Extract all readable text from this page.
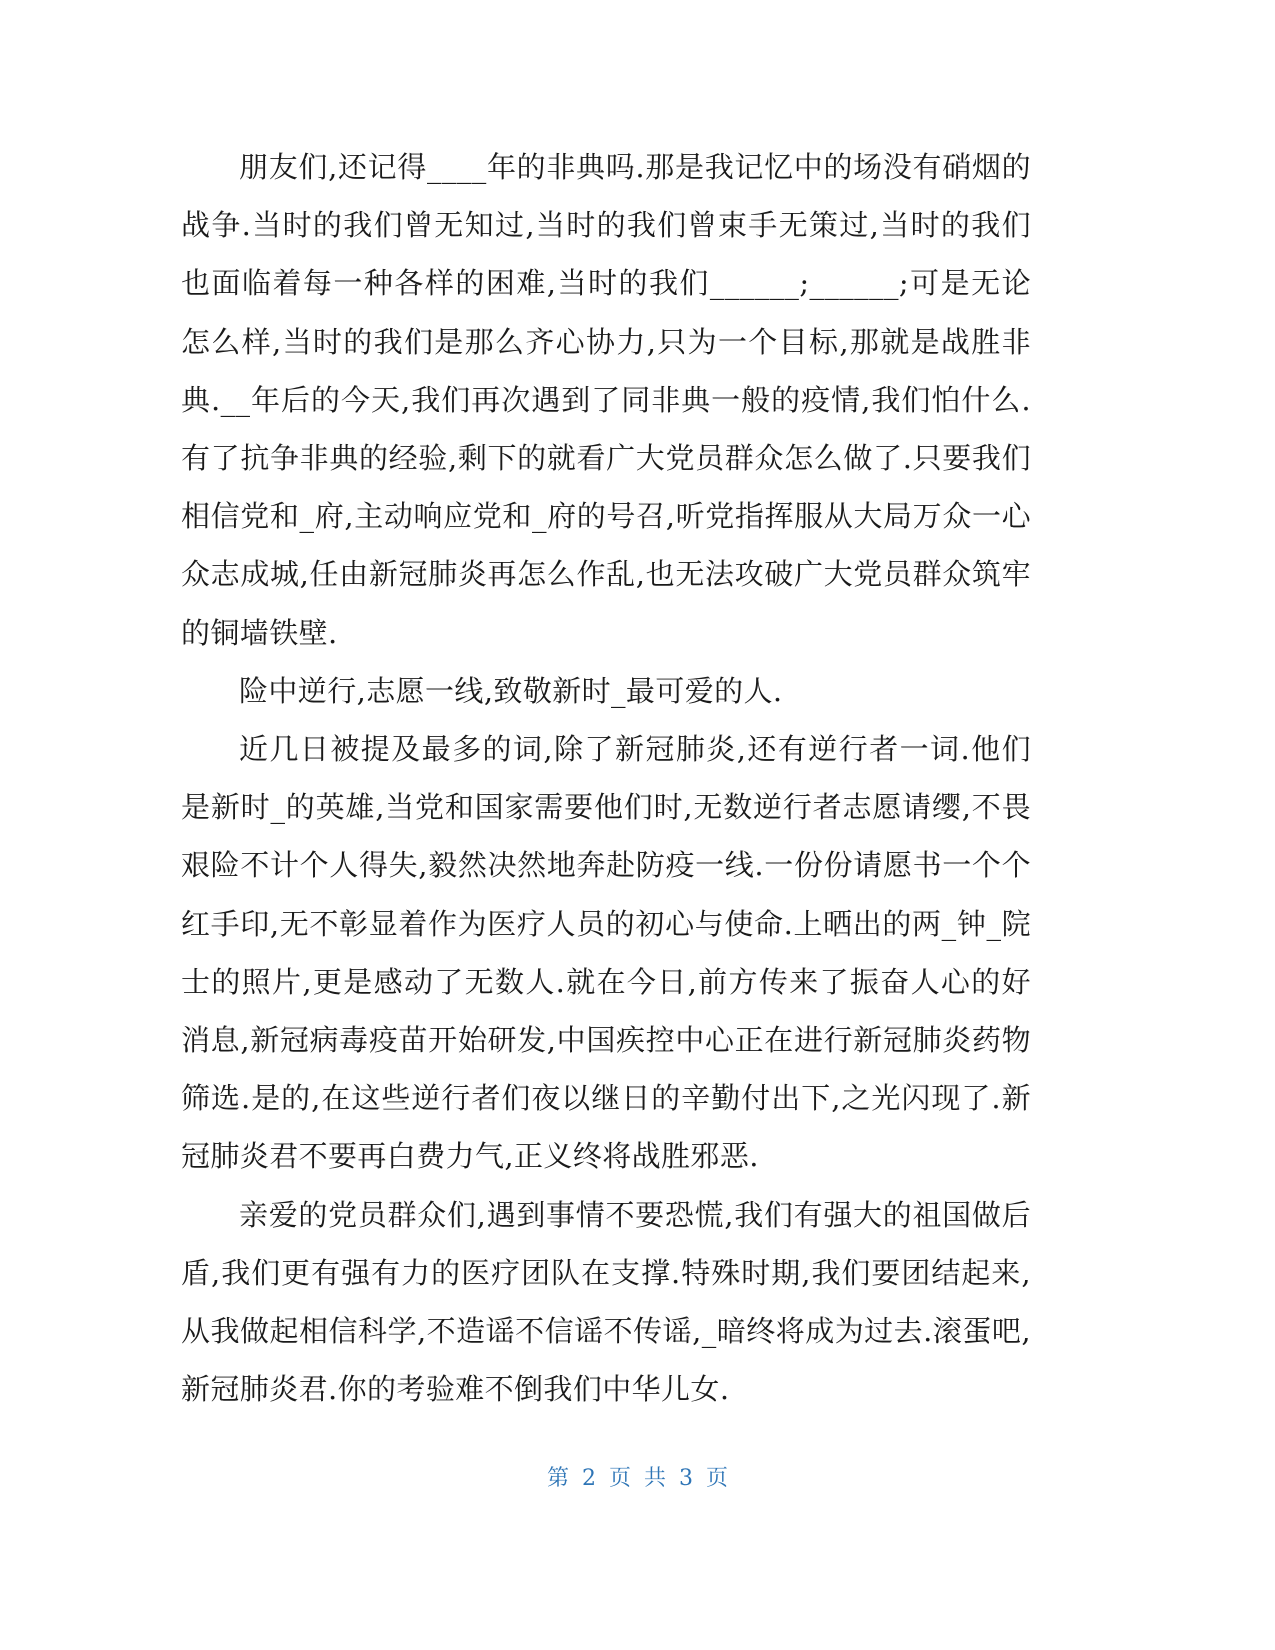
朋友们,还记得____年的非典吗.那是我记忆中的场没有硝烟的战争.当时的我们曾无知过,当时的我们曾束手无策过,当时的我们也面临着每一种各样的困难,当时的我们______;______;可是无论怎么样,当时的我们是那么齐心协力,只为一个目标,那就是战胜非典.__年后的今天,我们再次遇到了同非典一般的疫情,我们怕什么.有了抗争非典的经验,剩下的就看广大党员群众怎么做了.只要我们相信党和_府,主动响应党和_府的号召,听党指挥服从大局万众一心众志成城,任由新冠肺炎再怎么作乱,也无法攻破广大党员群众筑牢的铜墙铁壁.

险中逆行,志愿一线,致敬新时_最可爱的人.

近几日被提及最多的词,除了新冠肺炎,还有逆行者一词.他们是新时_的英雄,当党和国家需要他们时,无数逆行者志愿请缨,不畏艰险不计个人得失,毅然决然地奔赴防疫一线.一份份请愿书一个个红手印,无不彰显着作为医疗人员的初心与使命.上晒出的两_钟_院士的照片,更是感动了无数人.就在今日,前方传来了振奋人心的好消息,新冠病毒疫苗开始研发,中国疾控中心正在进行新冠肺炎药物筛选.是的,在这些逆行者们夜以继日的辛勤付出下,之光闪现了.新冠肺炎君不要再白费力气,正义终将战胜邪恶.

亲爱的党员群众们,遇到事情不要恐慌,我们有强大的祖国做后盾,我们更有强有力的医疗团队在支撑.特殊时期,我们要团结起来,从我做起相信科学,不造谣不信谣不传谣,_暗终将成为过去.滚蛋吧,新冠肺炎君.你的考验难不倒我们中华儿女.

第 2 页 共 3 页
